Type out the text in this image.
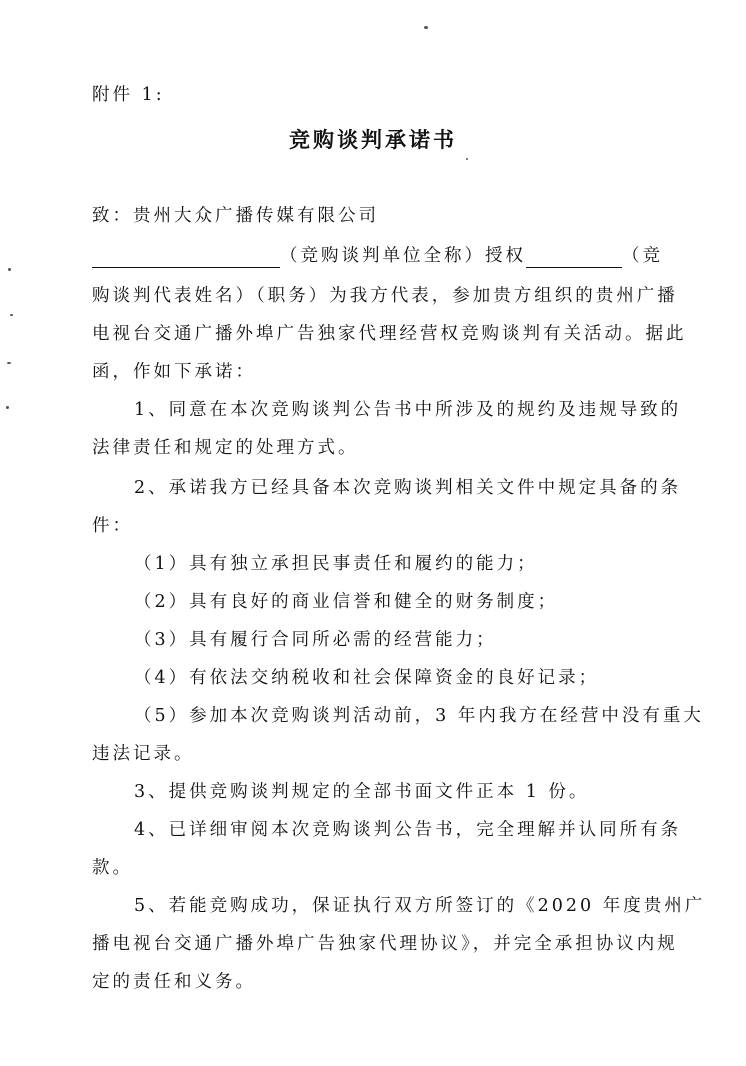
附件 1:

竞购谈判承诺书

致：贵州大众广播传媒有限公司

（竞购谈判单位全称）授权	（竞

购谈判代表姓名）（职务）为我方代表，参加贵方组织的贵州广播

电视台交通广播外埠广告独家代理经营权竞购谈判有关活动。据此

函，作如下承诺：

1、同意在本次竞购谈判公告书中所涉及的规约及违规导致的

法律责任和规定的处理方式。

2、承诺我方已经具备本次竞购谈判相关文件中规定具备的条

件：

（1）具有独立承担民事责任和履约的能力；

（2）具有良好的商业信誉和健全的财务制度；

（3）具有履行合同所必需的经营能力；

（4）有依法交纳税收和社会保障资金的良好记录；

（5）参加本次竞购谈判活动前，3 年内我方在经营中没有重大

违法记录。

3、提供竞购谈判规定的全部书面文件正本 1 份。

4、已详细审阅本次竞购谈判公告书，完全理解并认同所有条

款。

5、若能竞购成功，保证执行双方所签订的《2020 年度贵州广

播电视台交通广播外埠广告独家代理协议》，并完全承担协议内规

定的责任和义务。
